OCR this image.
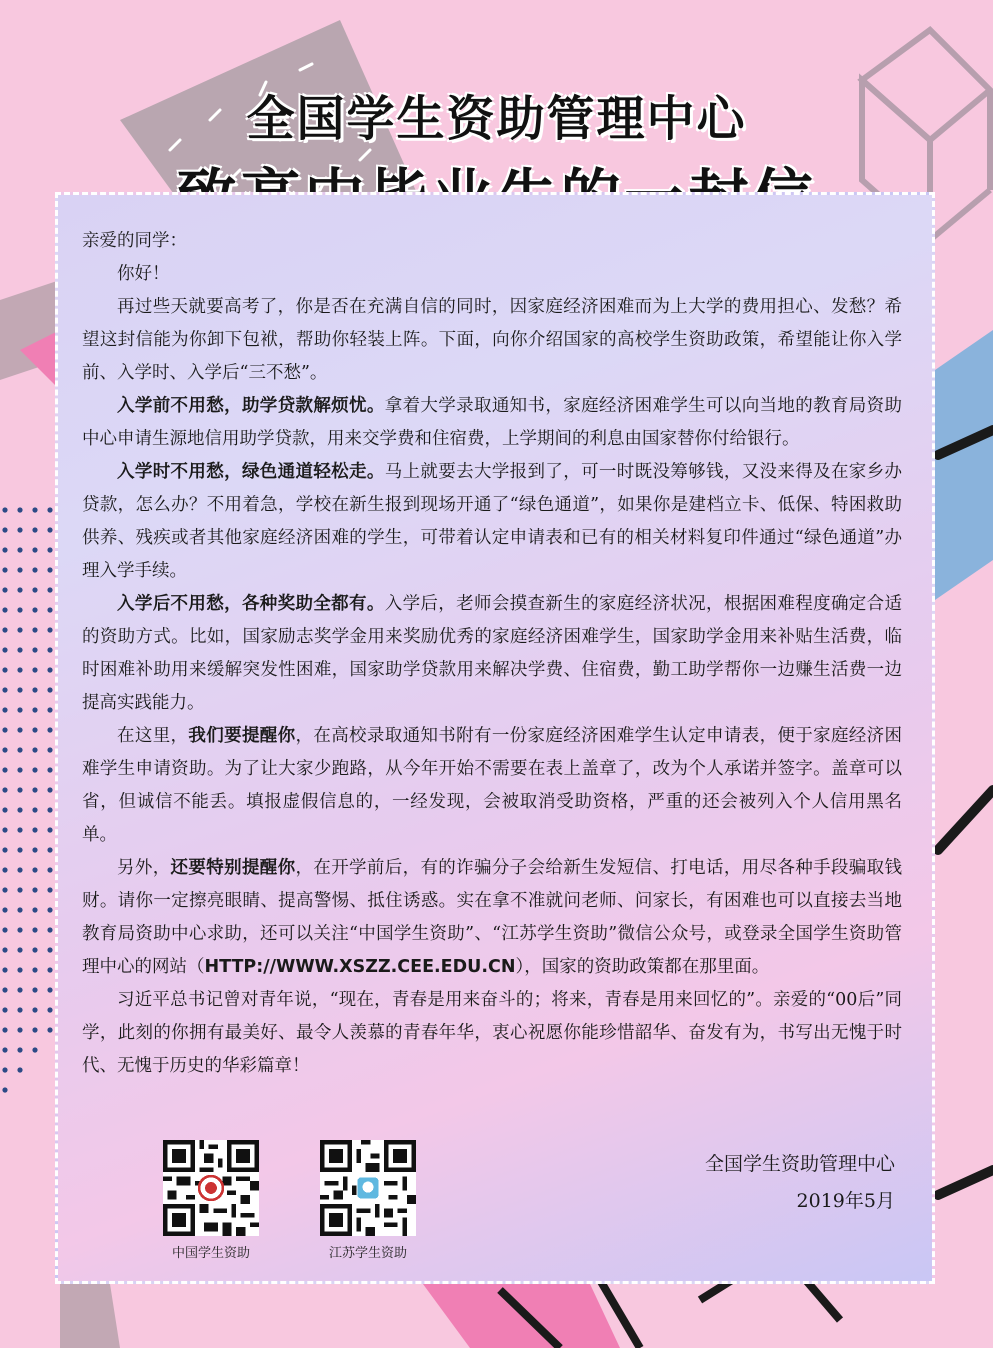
全国学生资助管理中心

亲爱的同学：

你好！

再过些天就要高考了，你是否在充满自信的同时，因家庭经济困难而为上大学的费用担心、发愁？希望这封信能为你卸下包袱，帮助你轻装上阵。下面，向你介绍国家的高校学生资助政策，希望能让你入学前、入学时、入学后“三不愁”。

入学前不用愁，助学贷款解烦忧。拿着大学录取通知书，家庭经济困难学生可以向当地的教育局资助中心申请生源地信用助学贷款，用来交学费和住宿费，上学期间的利息由国家替你付给银行。

入学时不用愁，绿色通道轻松走。马上就要去大学报到了，可一时既没筹够钱，又没来得及在家乡办贷款，怎么办？不用着急，学校在新生报到现场开通了“绿色通道”，如果你是建档立卡、低保、特困救助供养、残疾或者其他家庭经济困难的学生，可带着认定申请表和已有的相关材料复印件通过“绿色通道”办理入学手续。

入学后不用愁，各种奖助全都有。入学后，老师会摸查新生的家庭经济状况，根据困难程度确定合适的资助方式。比如，国家励志奖学金用来奖励优秀的家庭经济困难学生，国家助学金用来补贴生活费，临时困难补助用来缓解突发性困难，国家助学贷款用来解决学费、住宿费，勤工助学帮你一边赚生活费一边提高实践能力。

在这里，我们要提醒你，在高校录取通知书附有一份家庭经济困难学生认定申请表，便于家庭经济困难学生申请资助。为了让大家少跑路，从今年开始不需要在表上盖章了，改为个人承诺并签字。盖章可以省，但诚信不能丢。填报虚假信息的，一经发现，会被取消受助资格，严重的还会被列入个人信用黑名单。

另外，还要特别提醒你，在开学前后，有的诈骗分子会给新生发短信、打电话，用尽各种手段骗取钱财。请你一定擦亮眼睛、提高警惕、抵住诱惑。实在拿不准就问老师、问家长，有困难也可以直接去当地教育局资助中心求助，还可以关注“中国学生资助”、“江苏学生资助”微信公众号，或登录全国学生资助管理中心的网站（HTTP://WWW.XSZZ.CEE.EDU.CN），国家的资助政策都在那里面。

习近平总书记曾对青年说，“现在，青春是用来奋斗的；将来，青春是用来回忆的”。亲爱的“00后”同学，此刻的你拥有最美好、最令人羡慕的青春年华，衷心祝愿你能珍惜韶华、奋发有为，书写出无愧于时代、无愧于历史的华彩篇章！

中国学生资助	江苏学生资助
全国学生资助管理中心
2019年5月
